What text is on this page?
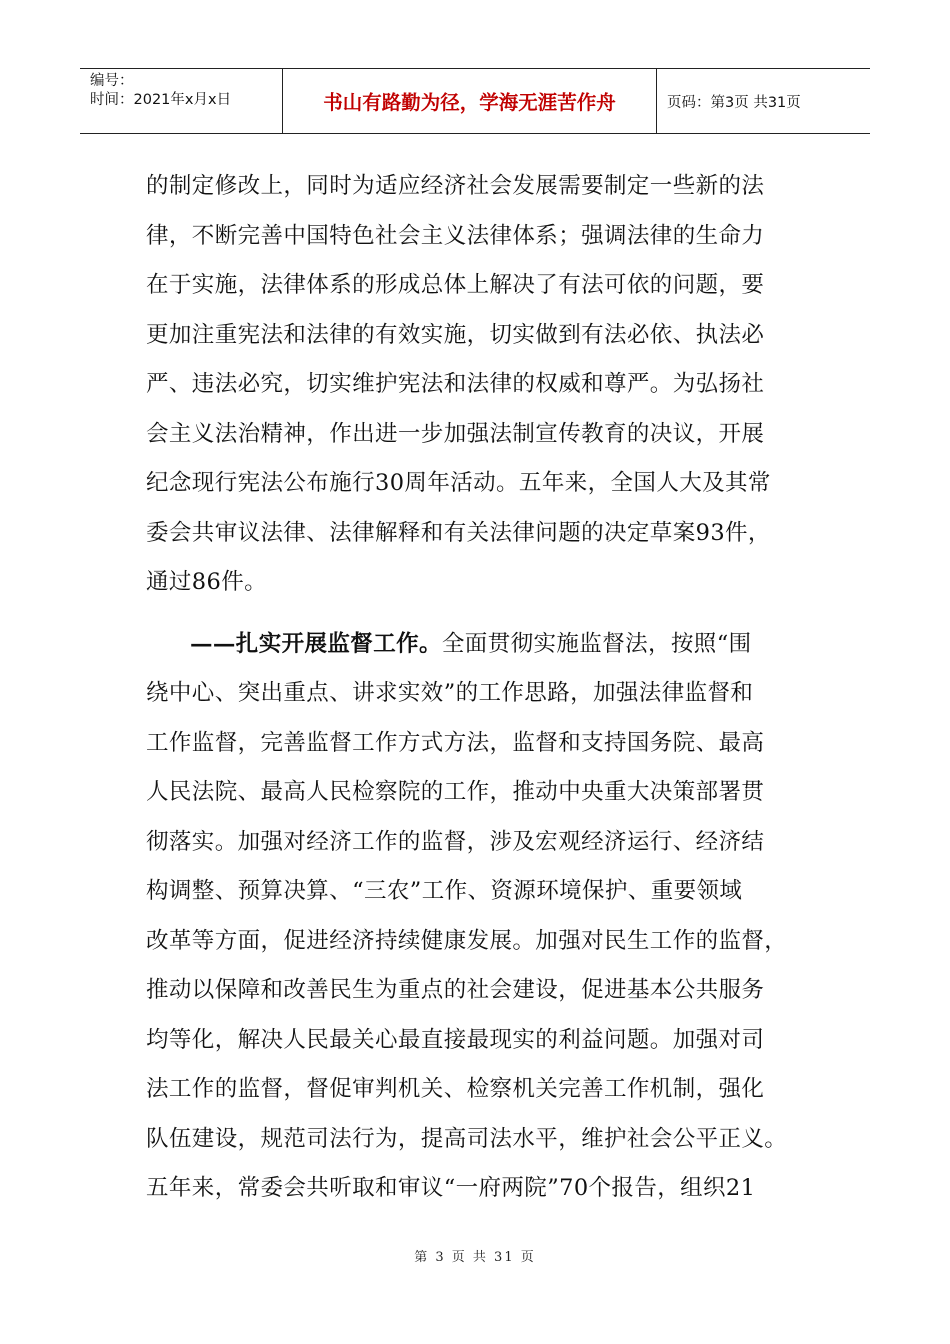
编号：
时间：2021年x月x日	书山有路勤为径，学海无涯苦作舟	页码：第3页 共31页
的制定修改上，同时为适应经济社会发展需要制定一些新的法
律，不断完善中国特色社会主义法律体系；强调法律的生命力
在于实施，法律体系的形成总体上解决了有法可依的问题，要
更加注重宪法和法律的有效实施，切实做到有法必依、执法必
严、违法必究，切实维护宪法和法律的权威和尊严。为弘扬社
会主义法治精神，作出进一步加强法制宣传教育的决议，开展
纪念现行宪法公布施行30周年活动。五年来，全国人大及其常
委会共审议法律、法律解释和有关法律问题的决定草案93件，
通过86件。
——扎实开展监督工作。全面贯彻实施监督法，按照“围
绕中心、突出重点、讲求实效”的工作思路，加强法律监督和
工作监督，完善监督工作方式方法，监督和支持国务院、最高
人民法院、最高人民检察院的工作，推动中央重大决策部署贯
彻落实。加强对经济工作的监督，涉及宏观经济运行、经济结
构调整、预算决算、“三农”工作、资源环境保护、重要领域
改革等方面，促进经济持续健康发展。加强对民生工作的监督，
推动以保障和改善民生为重点的社会建设，促进基本公共服务
均等化，解决人民最关心最直接最现实的利益问题。加强对司
法工作的监督，督促审判机关、检察机关完善工作机制，强化
队伍建设，规范司法行为，提高司法水平，维护社会公平正义。
五年来，常委会共听取和审议“一府两院”70个报告，组织21
第 3 页 共 31 页
